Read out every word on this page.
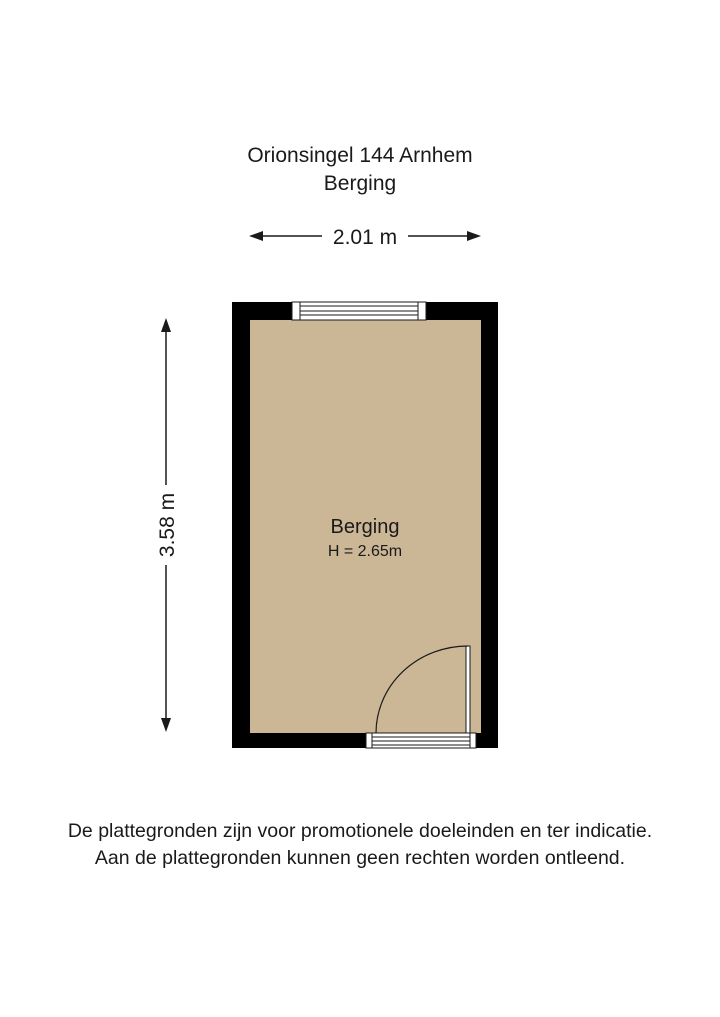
Orionsingel 144 Arnhem
Berging
2.01 m
3.58 m	Berging
H = 2.65m
De plattegronden zijn voor promotionele doeleinden en ter indicatie.
Aan de plattegronden kunnen geen rechten worden ontleend.
